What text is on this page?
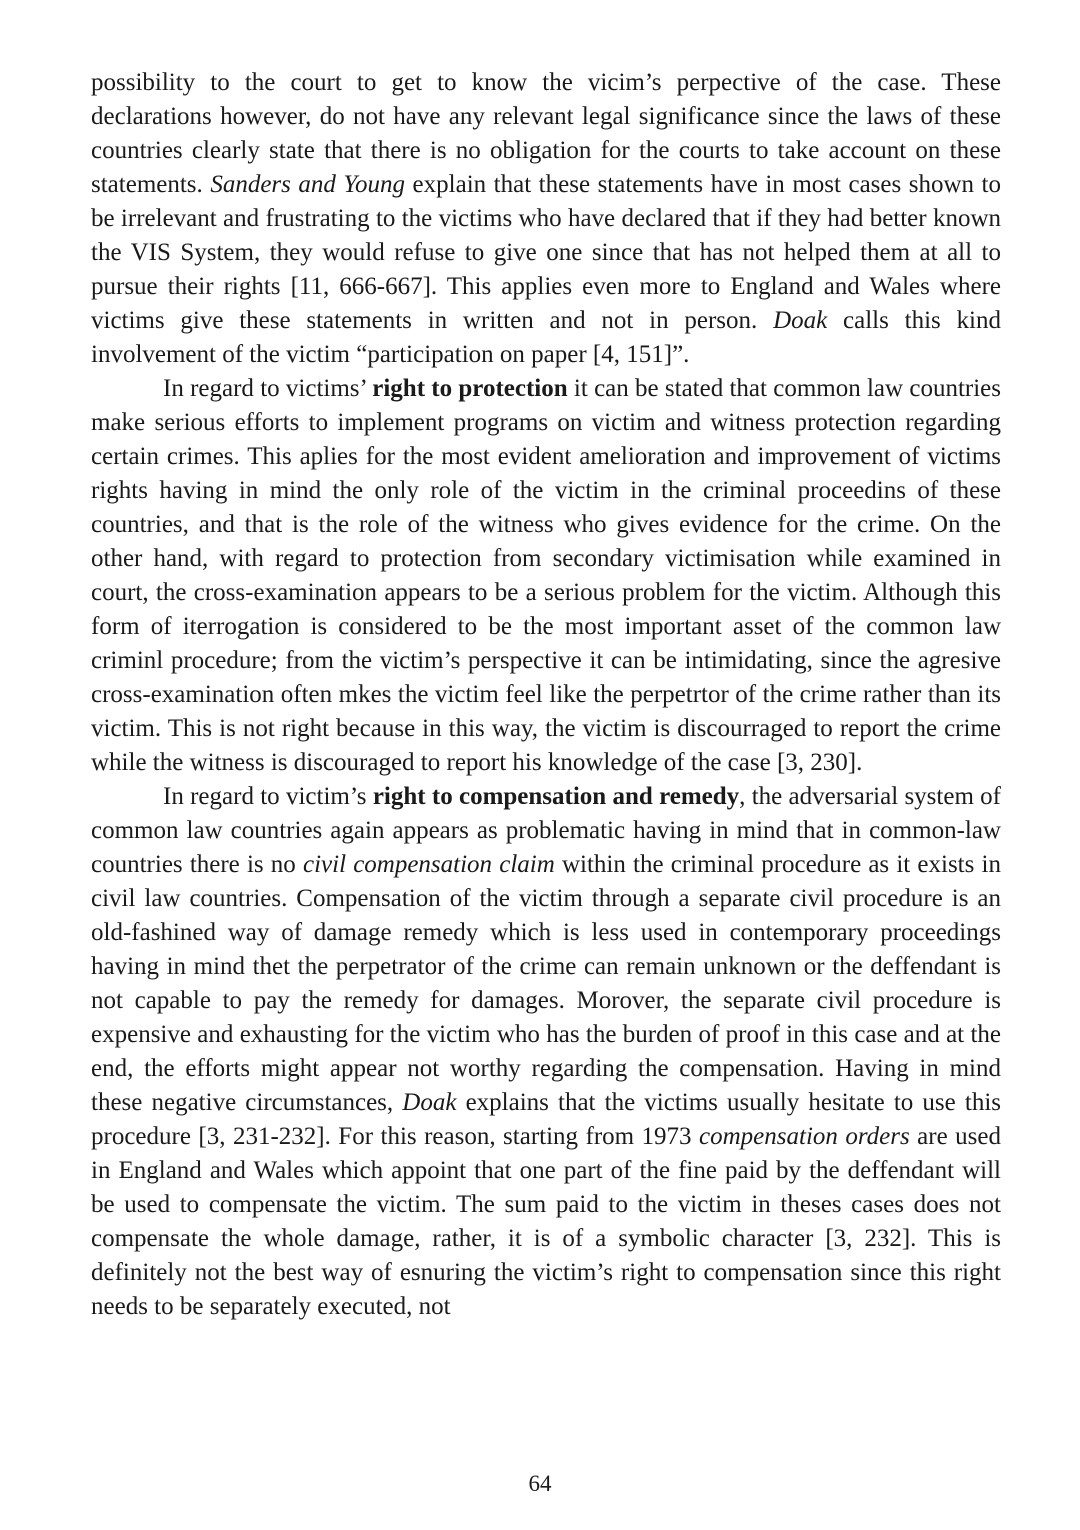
possibility to the court to get to know the vicim’s perpective of the case. These declarations however, do not have any relevant legal significance since the laws of these countries clearly state that there is no obligation for the courts to take account on these statements. Sanders and Young explain that these statements have in most cases shown to be irrelevant and frustrating to the victims who have declared that if they had better known the VIS System, they would refuse to give one since that has not helped them at all to pursue their rights [11, 666-667]. This applies even more to England and Wales where victims give these statements in written and not in person. Doak calls this kind involvement of the victim “participation on paper [4, 151]”.

In regard to victims’ right to protection it can be stated that common law countries make serious efforts to implement programs on victim and witness protection regarding certain crimes. This aplies for the most evident amelioration and improvement of victims rights having in mind the only role of the victim in the criminal proceedins of these countries, and that is the role of the witness who gives evidence for the crime. On the other hand, with regard to protection from secondary victimisation while examined in court, the cross-examination appears to be a serious problem for the victim. Although this form of iterrogation is considered to be the most important asset of the common law criminl procedure; from the victim’s perspective it can be intimidating, since the agresive cross-examination often mkes the victim feel like the perpetrtor of the crime rather than its victim. This is not right because in this way, the victim is discourraged to report the crime while the witness is discouraged to report his knowledge of the case [3, 230].

In regard to victim’s right to compensation and remedy, the adversarial system of common law countries again appears as problematic having in mind that in common-law countries there is no civil compensation claim within the criminal procedure as it exists in civil law countries. Compensation of the victim through a separate civil procedure is an old-fashined way of damage remedy which is less used in contemporary proceedings having in mind thet the perpetrator of the crime can remain unknown or the deffendant is not capable to pay the remedy for damages. Morover, the separate civil procedure is expensive and exhausting for the victim who has the burden of proof in this case and at the end, the efforts might appear not worthy regarding the compensation. Having in mind these negative circumstances, Doak explains that the victims usually hesitate to use this procedure [3, 231-232]. For this reason, starting from 1973 compensation orders are used in England and Wales which appoint that one part of the fine paid by the deffendant will be used to compensate the victim. The sum paid to the victim in theses cases does not compensate the whole damage, rather, it is of a symbolic character [3, 232]. This is definitely not the best way of esnuring the victim’s right to compensation since this right needs to be separately executed, not

64
